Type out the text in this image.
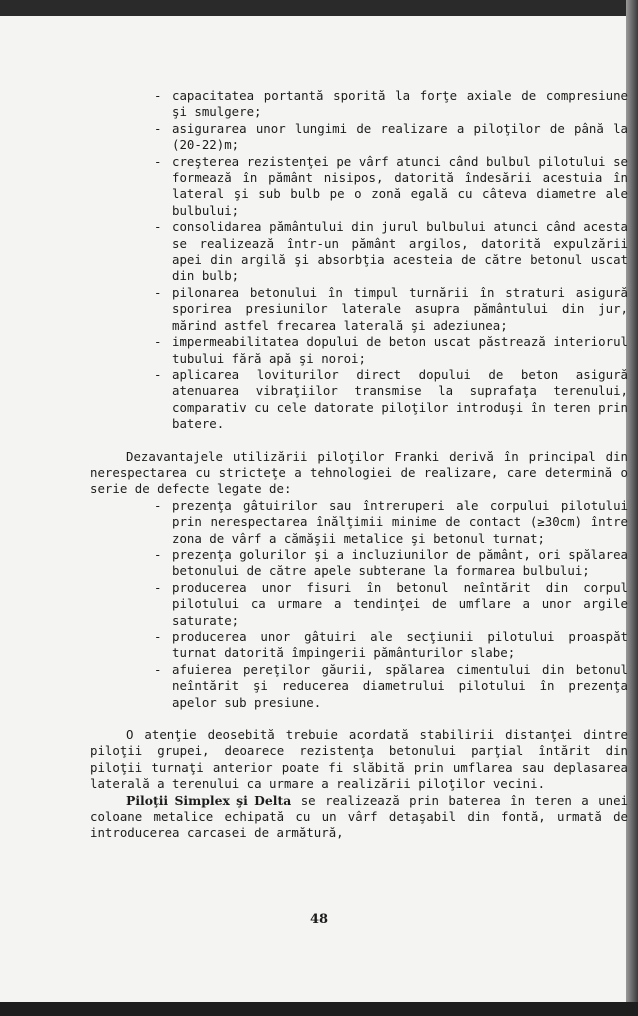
- capacitatea portantă sporită la forţe axiale de compresiune şi smulgere;
- asigurarea unor lungimi de realizare a piloţilor de până la (20-22)m;
- creşterea rezistenţei pe vârf atunci când bulbul pilotului se formează în pământ nisipos, datorită îndesării acestuia în lateral şi sub bulb pe o zonă egală cu câteva diametre ale bulbului;
- consolidarea pământului din jurul bulbului atunci când acesta se realizează într-un pământ argilos, datorită expulzării apei din argilă şi absorbţia acesteia de către betonul uscat din bulb;
- pilonarea betonului în timpul turnării în straturi asigură sporirea presiunilor laterale asupra pământului din jur, mărind astfel frecarea laterală şi adeziunea;
- impermeabilitatea dopului de beton uscat păstrează interiorul tubului fără apă şi noroi;
- aplicarea loviturilor direct dopului de beton asigură atenuarea vibraţiilor transmise la suprafaţa terenului, comparativ cu cele datorate piloţilor introduşi în teren prin batere.

Dezavantajele utilizării piloţilor Franki derivă în principal din nerespectarea cu stricteţe a tehnologiei de realizare, care determină o serie de defecte legate de:

- prezenţa gâtuirilor sau întreruperi ale corpului pilotului prin nerespectarea înălţimii minime de contact (≥30cm) între zona de vârf a cămăşii metalice şi betonul turnat;
- prezenţa golurilor şi a incluziunilor de pământ, ori spălarea betonului de către apele subterane la formarea bulbului;
- producerea unor fisuri în betonul neîntărit din corpul pilotului ca urmare a tendinţei de umflare a unor argile saturate;
- producerea unor gâtuiri ale secţiunii pilotului proaspăt turnat datorită împingerii pământurilor slabe;
- afuierea pereţilor găurii, spălarea cimentului din betonul neîntărit şi reducerea diametrului pilotului în prezenţa apelor sub presiune.

O atenţie deosebită trebuie acordată stabilirii distanţei dintre piloţii grupei, deoarece rezistenţa betonului parţial întărit din piloţii turnaţi anterior poate fi slăbită prin umflarea sau deplasarea laterală a terenului ca urmare a realizării piloţilor vecini.

Piloţii Simplex şi Delta se realizează prin baterea în teren a unei coloane metalice echipată cu un vârf detaşabil din fontă, urmată de introducerea carcasei de armătură,

48
